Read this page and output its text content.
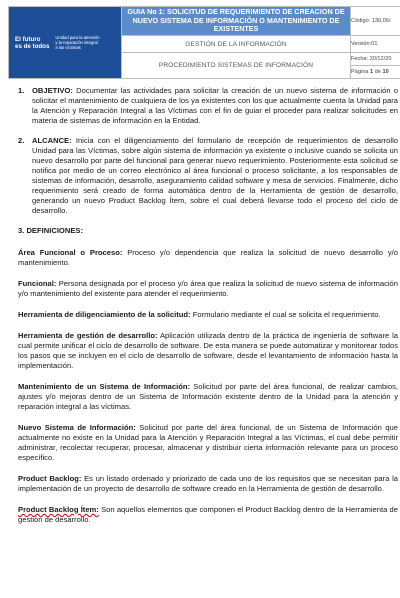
El futuro
es de todos
Unidad para la atención
y la reparación integral
a las víctimas	GUIA No 1: SOLICITUD DE REQUERIMIENTO DE CREACION DE NUEVO SISTEMA DE INFORMACIÓN O MANTENIMIENTO DE EXISTENTES	Código: 130,06/
	GESTIÓN DE LA INFORMACIÓN	Versión:01
	PROCEDIMIENTO SISTEMAS DE INFORMACIÓN	Fecha: 20/12/20
		Página 1 de 10
1.	OBJETIVO: Documentar las actividades para solicitar la creación de un nuevo sistema de información o solicitar el mantenimiento de cualquiera de los ya existentes con los que actualmente cuenta la Unidad para la Atención y Reparación Integral a las Víctimas con el fin de guiar el proceder para realizar solicitudes en materia de sistemas de información en la Entidad.
2.	ALCANCE: Inicia con el diligenciamiento del formulario de recepción de requerimientos de desarrollo Unidad para las Víctimas, sobre algún sistema de información ya existente o inclusive cuando se solicita un nuevo desarrollo por parte del funcional para generar nuevo requerimiento. Posteriormente esta solicitud se notifica por medio de un correo electrónico al área funcional o proceso solicitante, a los responsables de sistemas de información, desarrollo, aseguramiento calidad software y mesa de servicios. Finalmente, dicho requerimiento será creado de forma automática dentro de la Herramienta de gestión de desarrollo, generando un nuevo Product Backlog Ítem, sobre el cual deberá llevarse todo el proceso del ciclo de desarrollo.
3. DEFINICIONES:

Área Funcional o Proceso: Proceso y/o dependencia que realiza la solicitud de nuevo desarrollo y/o mantenimiento.

Funcional: Persona designada por el proceso y/o área que realiza la solicitud de nuevo sistema de información y/o mantenimiento del existente para atender el requerimiento.

Herramienta de diligenciamiento de la solicitud: Formulario mediante el cual se solicita el requerimiento.

Herramienta de gestión de desarrollo: Aplicación utilizada dentro de la práctica de ingeniería de software la cual permite unificar el ciclo de desarrollo de software. De esta manera se puede automatizar y monitorear todos los pasos que se incluyen en el ciclo de desarrollo de software, desde el levantamiento de información hasta la implementación.

Mantenimiento de un Sistema de Información: Solicitud por parte del área funcional, de realizar cambios, ajustes y/o mejoras dentro de un Sistema de Información existente dentro de la Unidad para la atención y reparación integral a las víctimas.

Nuevo Sistema de Información: Solicitud por parte del área funcional, de un Sistema de Información que actualmente no existe en la Unidad para la Atención y Reparación Integral a las Víctimas, el cual debe permitir administrar, recolectar recuperar, procesar, almacenar y distribuir cierta información relevante para un proceso específico.

Product Backlog: Es un listado ordenado y priorizado de cada uno de los requisitos que se necesitan para la implementación de un proyecto de desarrollo de software creado en la Herramienta de gestión de desarrollo.

Product Backlog Ítem: Son aquellos elementos que componen el Product Backlog dentro de la Herramienta de gestión de desarrollo.
